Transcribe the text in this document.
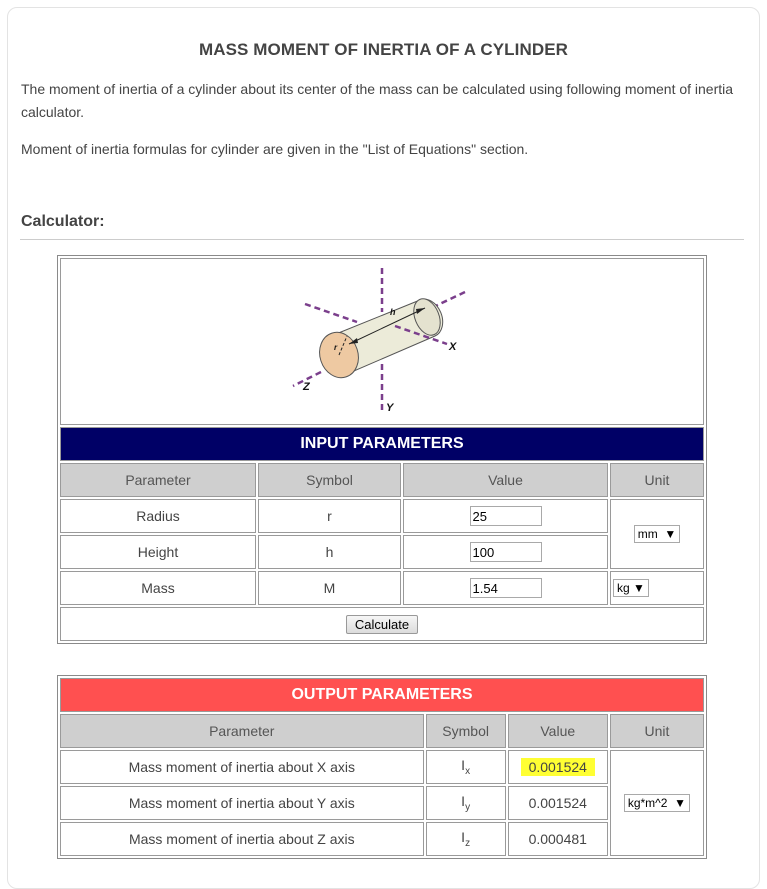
MASS MOMENT OF INERTIA OF A CYLINDER

The moment of inertia of a cylinder about its center of the mass can be calculated using following moment of inertia calculator.

Moment of inertia formulas for cylinder are given in the "List of Equations" section.

Calculator:
h
r X
Y
Z			

INPUT PARAMETERS			
Parameter	Symbol	Value	Unit
Radius	r	25	mm ▼
Height	h	100
Mass	M	1.54	kg ▼
Calculate			
OUTPUT PARAMETERS			
Parameter	Symbol	Value	Unit
Mass moment of inertia about X axis	$I_x$	0.001524	kg*m^2 ▼
Mass moment of inertia about Y axis	$I_y$	0.001524	
Mass moment of inertia about Z axis	$I_z$	0.000481	
